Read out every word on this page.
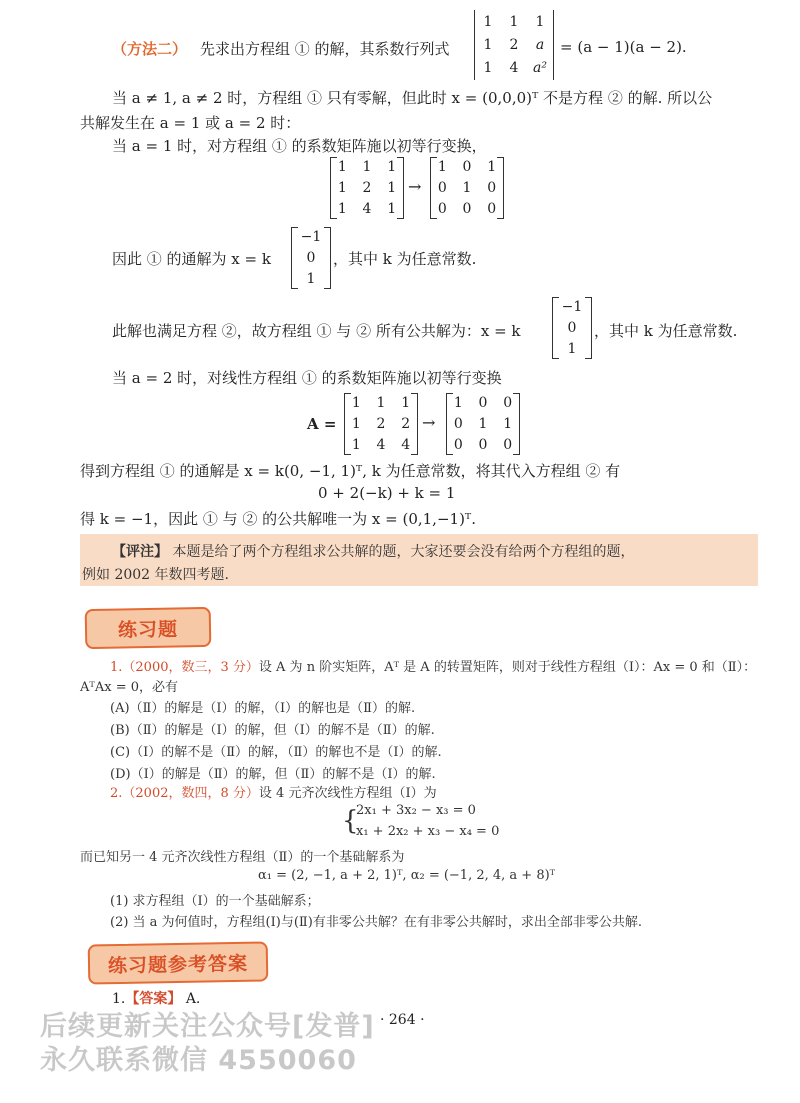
（方法二） 先求出方程组 ① 的解，其系数行列式
1 1 1
1 2 a
1 4 a²
= (a − 1)(a − 2).
当 a ≠ 1, a ≠ 2 时，方程组 ① 只有零解，但此时 x = (0,0,0)ᵀ 不是方程 ② 的解. 所以公
共解发生在 a = 1 或 a = 2 时：
当 a = 1 时，对方程组 ① 的系数矩阵施以初等行变换，
1 1 1
1 2 1
1 4 1
→
1 0 1
0 1 0
0 0 0
因此 ① 的通解为 x = k
−1
0
1
，其中 k 为任意常数.
此解也满足方程 ②，故方程组 ① 与 ② 所有公共解为：x = k
−1
0
1
，其中 k 为任意常数.
当 a = 2 时，对线性方程组 ① 的系数矩阵施以初等行变换
A =
1 1 1
1 2 2
1 4 4
→
1 0 0
0 1 1
0 0 0
得到方程组 ① 的通解是 x = k(0, −1, 1)ᵀ, k 为任意常数，将其代入方程组 ② 有
0 + 2(−k) + k = 1
得 k = −1，因此 ① 与 ② 的公共解唯一为 x = (0,1,−1)ᵀ.
【评注】 本题是给了两个方程组求公共解的题，大家还要会没有给两个方程组的题，
例如 2002 年数四考题.
练习题
1.（2000，数三，3 分）设 A 为 n 阶实矩阵，Aᵀ 是 A 的转置矩阵，则对于线性方程组（Ⅰ）：Ax = 0 和（Ⅱ）：
AᵀAx = 0，必有
(A)（Ⅱ）的解是（Ⅰ）的解，（Ⅰ）的解也是（Ⅱ）的解.
(B)（Ⅱ）的解是（Ⅰ）的解，但（Ⅰ）的解不是（Ⅱ）的解.
(C)（Ⅰ）的解不是（Ⅱ）的解，（Ⅱ）的解也不是（Ⅰ）的解.
(D)（Ⅰ）的解是（Ⅱ）的解，但（Ⅱ）的解不是（Ⅰ）的解.
2.（2002，数四，8 分）设 4 元齐次线性方程组（Ⅰ）为
{
2x₁ + 3x₂ − x₃ = 0
x₁ + 2x₂ + x₃ − x₄ = 0
而已知另一 4 元齐次线性方程组（Ⅱ）的一个基础解系为
α₁ = (2, −1, a + 2, 1)ᵀ, α₂ = (−1, 2, 4, a + 8)ᵀ
(1) 求方程组（Ⅰ）的一个基础解系；
(2) 当 a 为何值时，方程组(Ⅰ)与(Ⅱ)有非零公共解？在有非零公共解时，求出全部非零公共解.
练习题参考答案
1.【答案】 A.
后续更新关注公众号[发普] · 264 ·
永久联系微信 4550060
